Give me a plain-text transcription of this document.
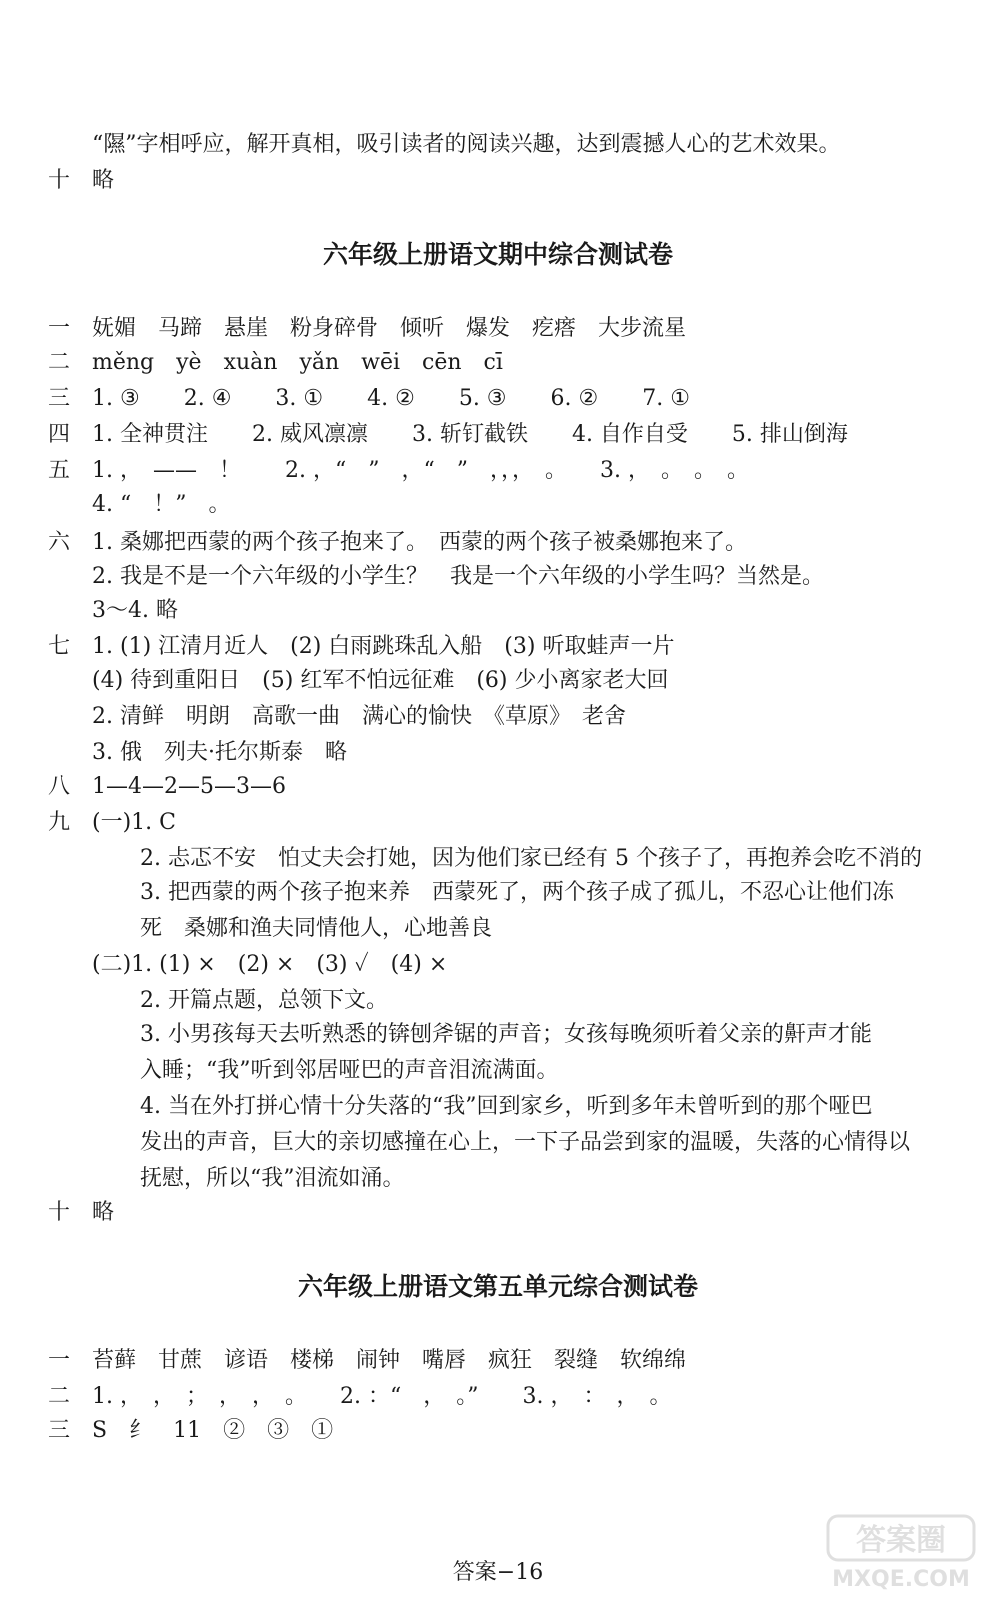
“隰”字相呼应，解开真相，吸引读者的阅读兴趣，达到震撼人心的艺术效果。
十 略
六年级上册语文期中综合测试卷
一 妩媚　马蹄　悬崖　粉身碎骨　倾听　爆发　疙瘩　大步流星
二 měng　yè　xuàn　yǎn　wēi　cēn　cī
三 1. ③　　2. ④　　3. ①　　4. ②　　5. ③　　6. ②　　7. ①
四 1. 全神贯注　　2. 威风凛凛　　3. 斩钉截铁　　4. 自作自受　　5. 排山倒海
五 1. ，　——　！　　2. ，“　”　，“　”　，，，　。　　3. ，　。　。　。
4. “　！”　。
六 1. 桑娜把西蒙的两个孩子抱来了。　西蒙的两个孩子被桑娜抱来了。
2. 我是不是一个六年级的小学生？　我是一个六年级的小学生吗？当然是。
3～4. 略
七 1. (1) 江清月近人　(2) 白雨跳珠乱入船　(3) 听取蛙声一片
(4) 待到重阳日　(5) 红军不怕远征难　(6) 少小离家老大回
2. 清鲜　明朗　高歌一曲　满心的愉快　《草原》　老舍
3. 俄　列夫·托尔斯泰　略
八 1—4—2—5—3—6
九 (一)1. C
2. 忐忑不安　怕丈夫会打她，因为他们家已经有 5 个孩子了，再抱养会吃不消的
3. 把西蒙的两个孩子抱来养　西蒙死了，两个孩子成了孤儿，不忍心让他们冻
死　桑娜和渔夫同情他人，心地善良
(二)1. (1) ×　(2) ×　(3) ✓　(4) ×
2. 开篇点题，总领下文。
3. 小男孩每天去听熟悉的锛刨斧锯的声音；女孩每晚须听着父亲的鼾声才能
入睡；“我”听到邻居哑巴的声音泪流满面。
4. 当在外打拼心情十分失落的“我”回到家乡，听到多年未曾听到的那个哑巴
发出的声音，巨大的亲切感撞在心上，一下子品尝到家的温暖，失落的心情得以
抚慰，所以“我”泪流如涌。
十 略
六年级上册语文第五单元综合测试卷
一 苔藓　甘蔗　谚语　楼梯　闹钟　嘴唇　疯狂　裂缝　软绵绵
二 1. ，　，　；　，　，　。　　2. ：“　，　。”　　3. ，　：　，　。
三 S　纟　11　②　③　①
答案−16
答案圈
MXQE.COM
